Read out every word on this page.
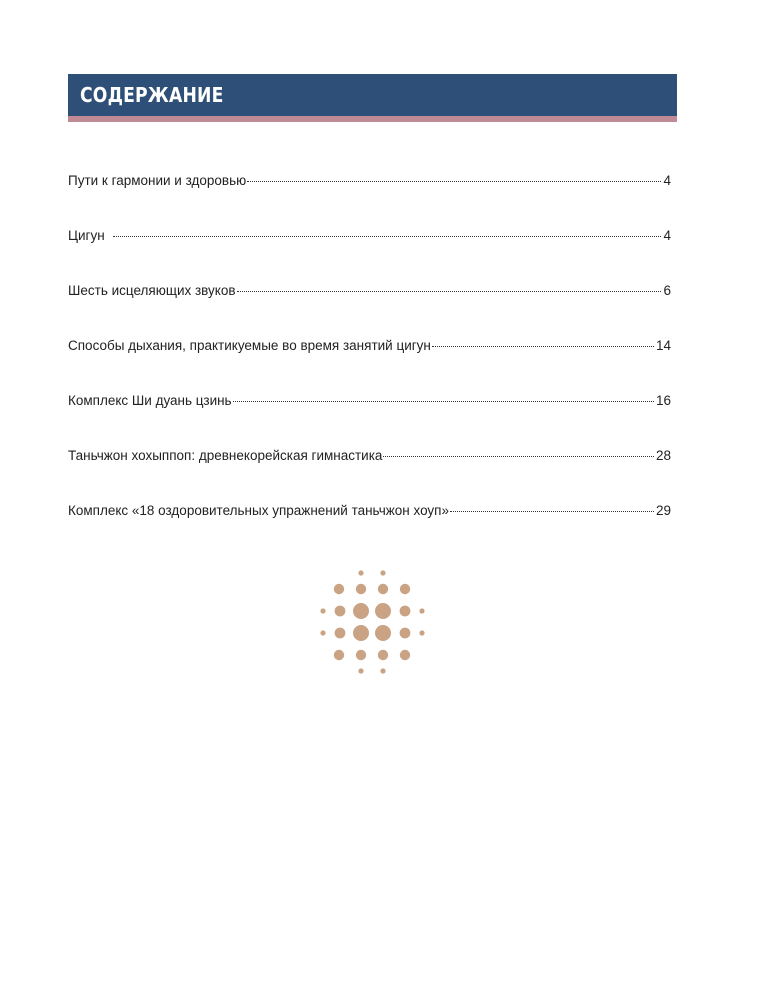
СОДЕРЖАНИЕ
Пути к гармонии и здоровью	4
Цигун	4
Шесть исцеляющих звуков	6
Способы дыхания, практикуемые во время занятий цигун	14
Комплекс Ши дуань цзинь	16
Таньчжон хохыппоп: древнекорейская гимнастика	28
Комплекс «18 оздоровительных упражнений таньчжон хоуп»	29
